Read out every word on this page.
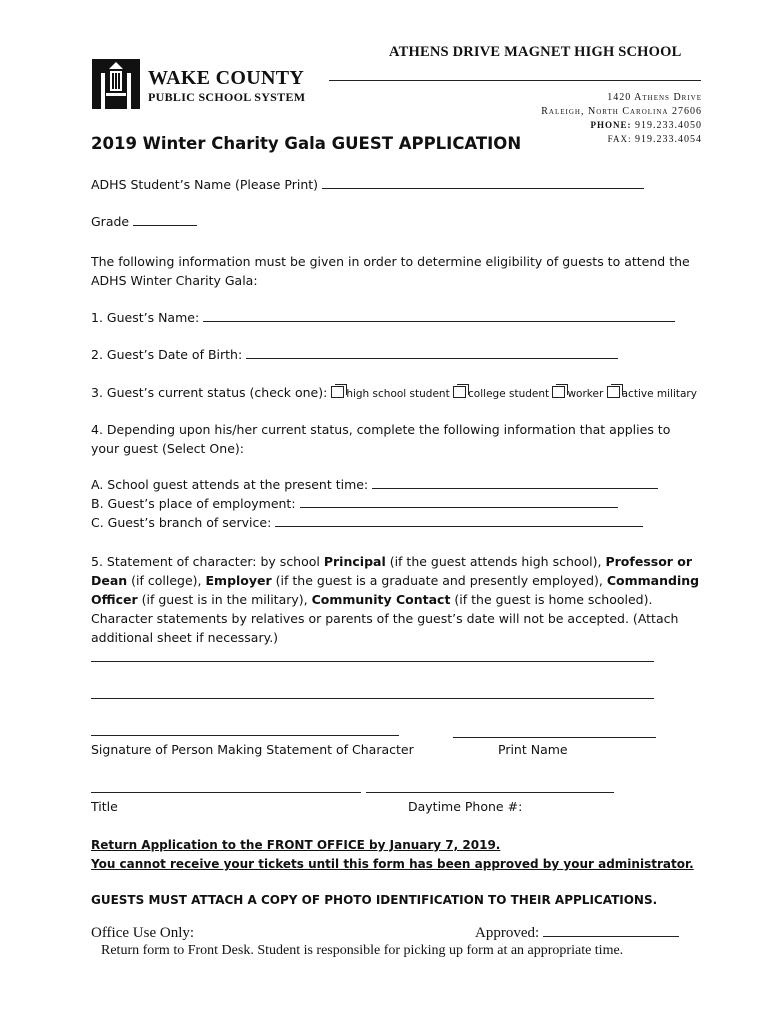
ATHENS DRIVE MAGNET HIGH SCHOOL
WAKE COUNTY
PUBLIC SCHOOL SYSTEM	1420 Athens Drive
Raleigh, North Carolina 27606
PHONE: 919.233.4050
FAX: 919.233.4054
2019 Winter Charity Gala GUEST APPLICATION
ADHS Student’s Name (Please Print)
Grade

The following information must be given in order to determine eligibility of guests to attend the

ADHS Winter Charity Gala:

1. Guest’s Name:
2. Guest’s Date of Birth:
3. Guest’s current status (check one): high school student college student worker active military

4. Depending upon his/her current status, complete the following information that applies to

your guest (Select One):

A. School guest attends at the present time:
B. Guest’s place of employment:
C. Guest’s branch of service:

5. Statement of character: by school Principal (if the guest attends high school), Professor or

Dean (if college), Employer (if the guest is a graduate and presently employed), Commanding

Officer (if guest is in the military), Community Contact (if the guest is home schooled).

Character statements by relatives or parents of the guest’s date will not be accepted. (Attach

additional sheet if necessary.)

Signature of Person Making Statement of Character	Print Name
Title	Daytime Phone #:

Return Application to the FRONT OFFICE by January 7, 2019.

You cannot receive your tickets until this form has been approved by your administrator.

GUESTS MUST ATTACH A COPY OF PHOTO IDENTIFICATION TO THEIR APPLICATIONS.
Office Use Only:	Approved:
Return form to Front Desk. Student is responsible for picking up form at an appropriate time.
